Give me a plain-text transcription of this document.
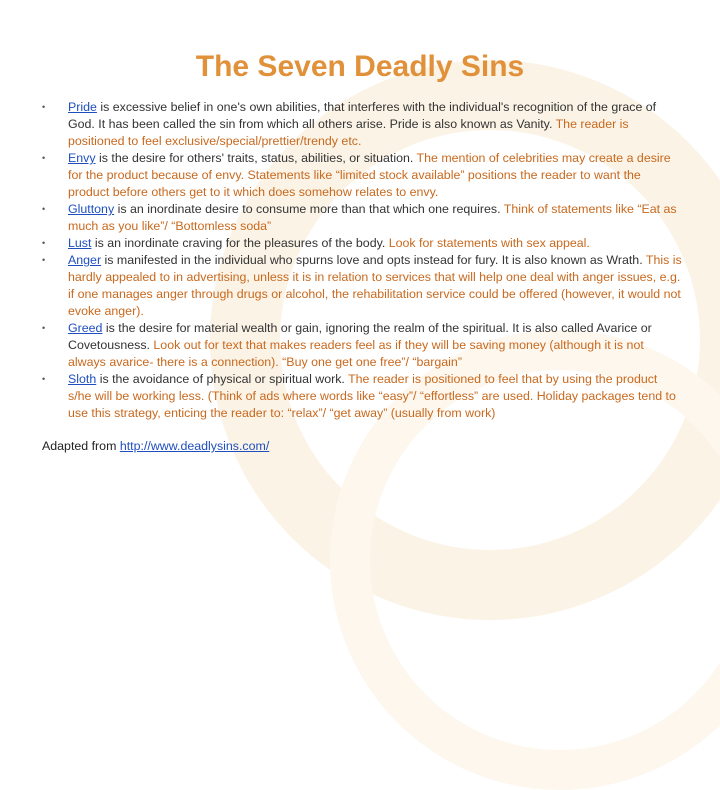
The Seven Deadly Sins
• Pride is excessive belief in one's own abilities, that interferes with the individual's recognition of the grace of God. It has been called the sin from which all others arise. Pride is also known as Vanity. The reader is positioned to feel exclusive/special/prettier/trendy etc.
• Envy is the desire for others' traits, status, abilities, or situation. The mention of celebrities may create a desire for the product because of envy. Statements like “limited stock available” positions the reader to want the product before others get to it which does somehow relates to envy.
• Gluttony is an inordinate desire to consume more than that which one requires. Think of statements like “Eat as much as you like”/ “Bottomless soda”
• Lust is an inordinate craving for the pleasures of the body. Look for statements with sex appeal.
• Anger is manifested in the individual who spurns love and opts instead for fury. It is also known as Wrath. This is hardly appealed to in advertising, unless it is in relation to services that will help one deal with anger issues, e.g. if one manages anger through drugs or alcohol, the rehabilitation service could be offered (however, it would not evoke anger).
• Greed is the desire for material wealth or gain, ignoring the realm of the spiritual. It is also called Avarice or Covetousness. Look out for text that makes readers feel as if they will be saving money (although it is not always avarice- there is a connection). “Buy one get one free”/ “bargain”
• Sloth is the avoidance of physical or spiritual work. The reader is positioned to feel that by using the product s/he will be working less. (Think of ads where words like “easy”/ “effortless” are used. Holiday packages tend to use this strategy, enticing the reader to: “relax”/ “get away” (usually from work)
Adapted from http://www.deadlysins.com/
